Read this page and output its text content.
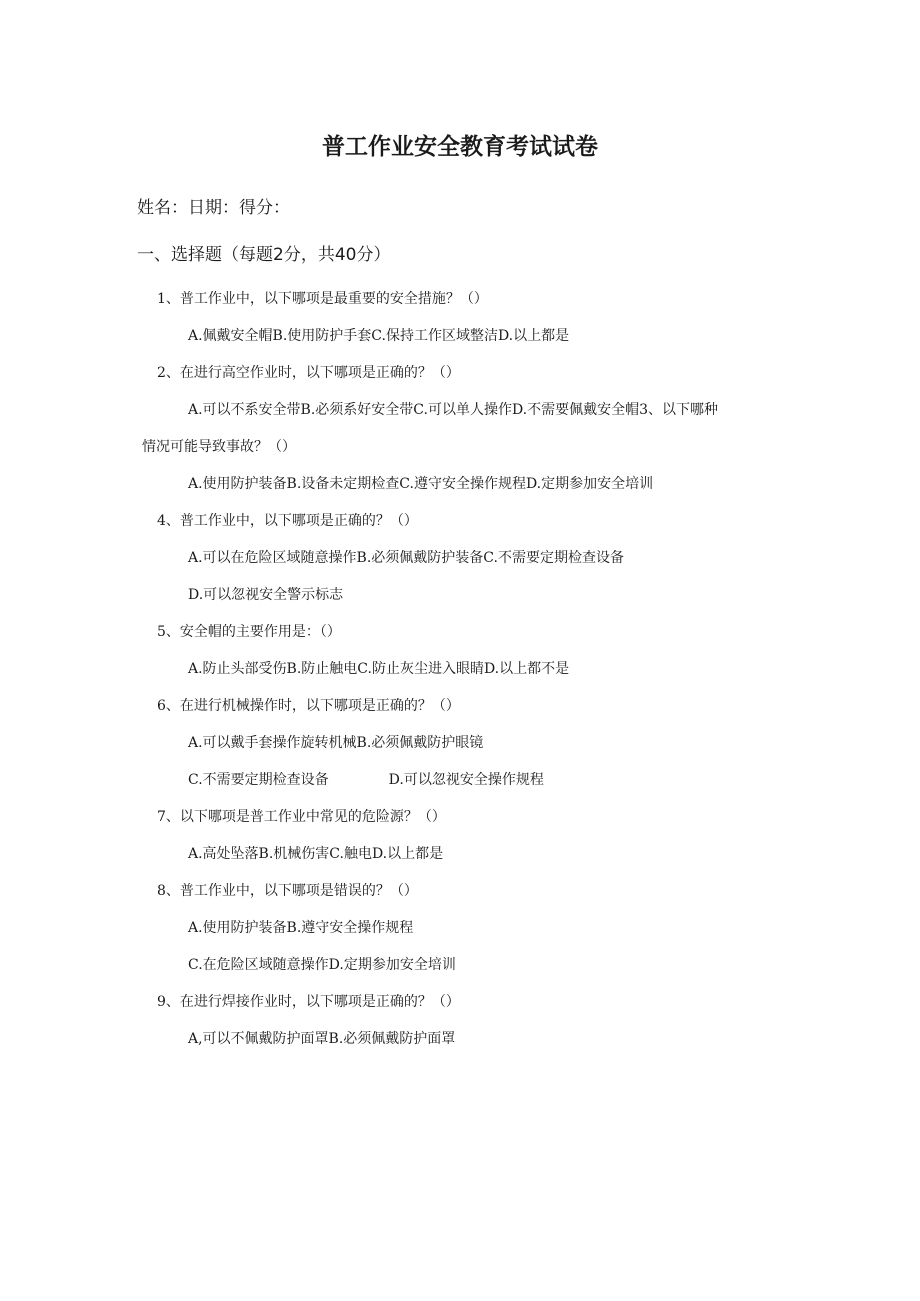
普工作业安全教育考试试卷
姓名：日期：得分：
一、选择题（每题2分，共40分）
1、普工作业中，以下哪项是最重要的安全措施？（）
A.佩戴安全帽B.使用防护手套C.保持工作区域整洁D.以上都是
2、在进行高空作业时，以下哪项是正确的？（）
A.可以不系安全带B.必须系好安全带C.可以单人操作D.不需要佩戴安全帽3、以下哪种
情况可能导致事故？（）
A.使用防护装备B.设备未定期检查C.遵守安全操作规程D.定期参加安全培训
4、普工作业中，以下哪项是正确的？（）
A.可以在危险区域随意操作B.必须佩戴防护装备C.不需要定期检查设备
D.可以忽视安全警示标志
5、安全帽的主要作用是：（）
A.防止头部受伤B.防止触电C.防止灰尘进入眼睛D.以上都不是
6、在进行机械操作时，以下哪项是正确的？（）
A.可以戴手套操作旋转机械B.必须佩戴防护眼镜
C.不需要定期检查设备	D.可以忽视安全操作规程
7、以下哪项是普工作业中常见的危险源？（）
A.高处坠落B.机械伤害C.触电D.以上都是
8、普工作业中，以下哪项是错误的？（）
A.使用防护装备B.遵守安全操作规程
C.在危险区域随意操作D.定期参加安全培训
9、在进行焊接作业时，以下哪项是正确的？（）
A,可以不佩戴防护面罩B.必须佩戴防护面罩
